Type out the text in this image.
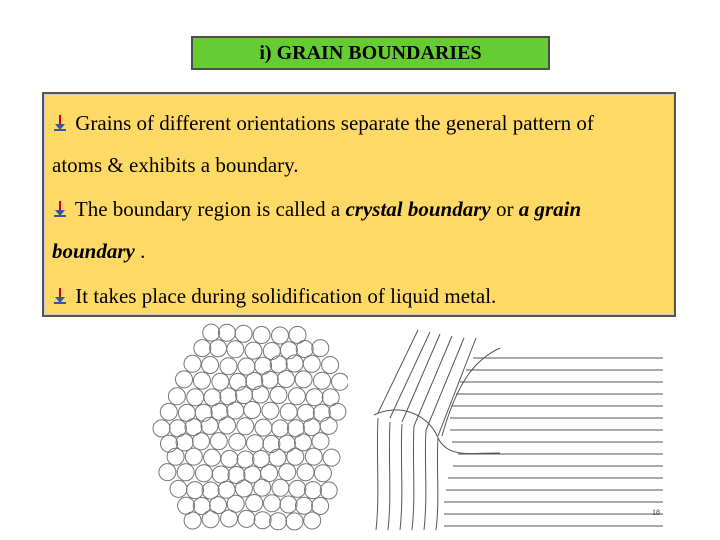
i) GRAIN BOUNDARIES
Grains of different orientations separate the general pattern of
atoms & exhibits a boundary.
The boundary region is called a crystal boundary or a grain
boundary .
It takes place during solidification of liquid metal.
18
